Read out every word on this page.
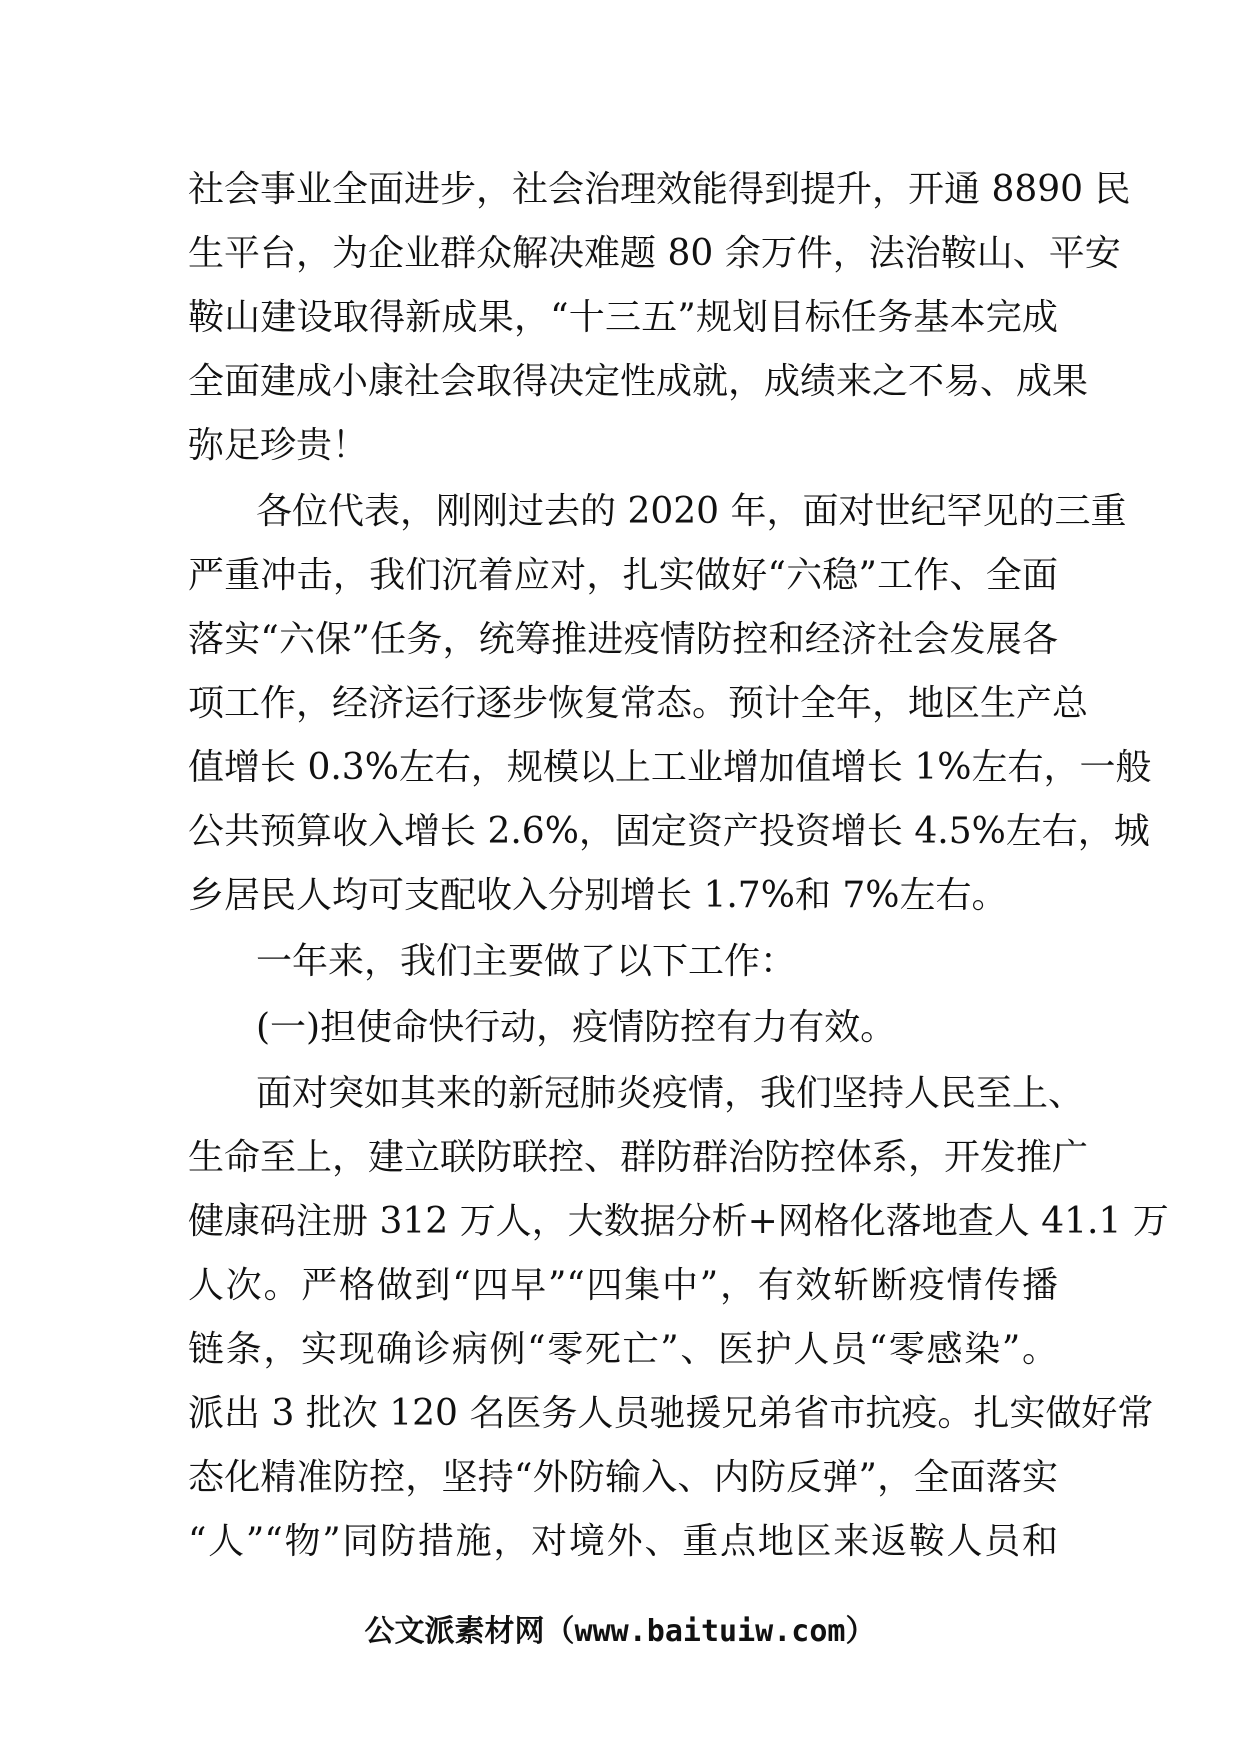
社会事业全面进步，社会治理效能得到提升，开通 8890 民
生平台，为企业群众解决难题 80 余万件，法治鞍山、平安
鞍山建设取得新成果，“十三五”规划目标任务基本完成
全面建成小康社会取得决定性成就，成绩来之不易、成果
弥足珍贵！
各位代表，刚刚过去的 2020 年，面对世纪罕见的三重
严重冲击，我们沉着应对，扎实做好“六稳”工作、全面
落实“六保”任务，统筹推进疫情防控和经济社会发展各
项工作，经济运行逐步恢复常态。预计全年，地区生产总
值增长 0.3%左右，规模以上工业增加值增长 1%左右，一般
公共预算收入增长 2.6%，固定资产投资增长 4.5%左右，城
乡居民人均可支配收入分别增长 1.7%和 7%左右。
一年来，我们主要做了以下工作：
(一)担使命快行动，疫情防控有力有效。
面对突如其来的新冠肺炎疫情，我们坚持人民至上、
生命至上，建立联防联控、群防群治防控体系，开发推广
健康码注册 312 万人，大数据分析+网格化落地查人 41.1 万
人次。严格做到“四早”“四集中”，有效斩断疫情传播
链条，实现确诊病例“零死亡”、医护人员“零感染”。
派出 3 批次 120 名医务人员驰援兄弟省市抗疫。扎实做好常
态化精准防控，坚持“外防输入、内防反弹”，全面落实
“人”“物”同防措施，对境外、重点地区来返鞍人员和
公文派素材网（www.baituiw.com）
